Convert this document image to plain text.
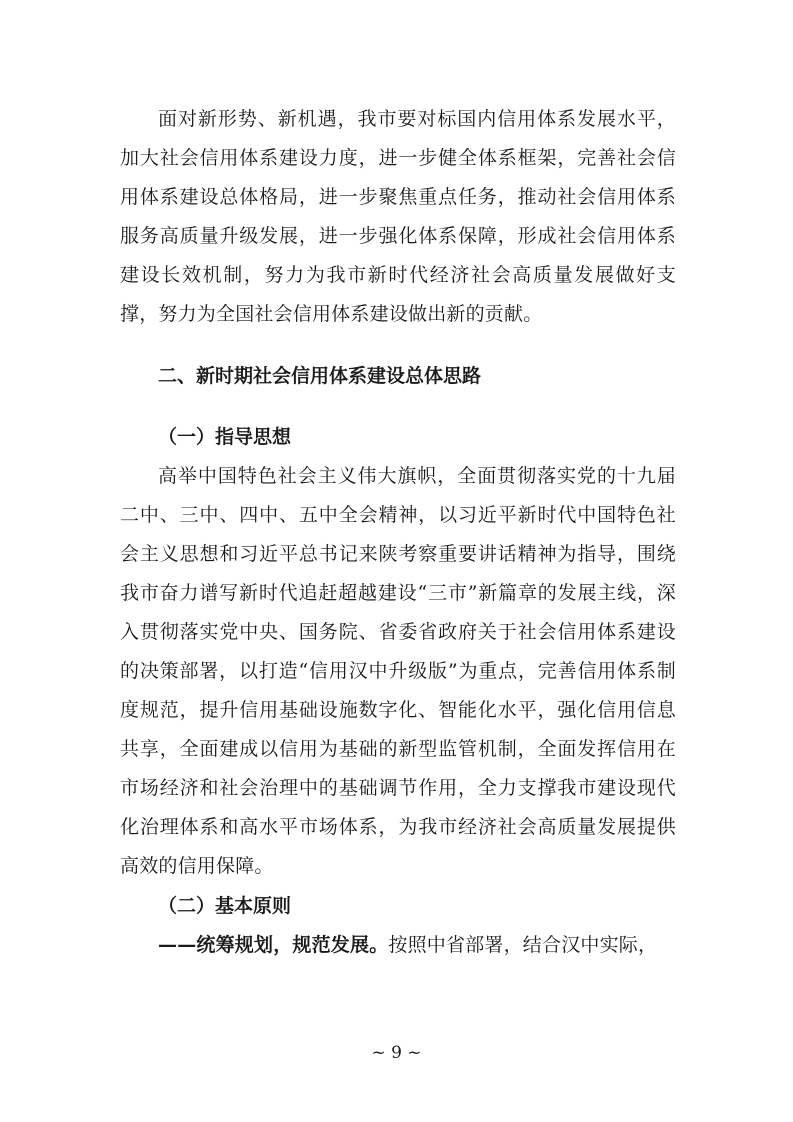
面对新形势、新机遇，我市要对标国内信用体系发展水平，加大社会信用体系建设力度，进一步健全体系框架，完善社会信用体系建设总体格局，进一步聚焦重点任务，推动社会信用体系服务高质量升级发展，进一步强化体系保障，形成社会信用体系建设长效机制，努力为我市新时代经济社会高质量发展做好支撑，努力为全国社会信用体系建设做出新的贡献。

二、新时期社会信用体系建设总体思路
（一）指导思想

高举中国特色社会主义伟大旗帜，全面贯彻落实党的十九届二中、三中、四中、五中全会精神，以习近平新时代中国特色社会主义思想和习近平总书记来陕考察重要讲话精神为指导，围绕我市奋力谱写新时代追赶超越建设“三市”新篇章的发展主线，深入贯彻落实党中央、国务院、省委省政府关于社会信用体系建设的决策部署，以打造“信用汉中升级版”为重点，完善信用体系制度规范，提升信用基础设施数字化、智能化水平，强化信用信息共享，全面建成以信用为基础的新型监管机制，全面发挥信用在市场经济和社会治理中的基础调节作用，全力支撑我市建设现代化治理体系和高水平市场体系，为我市经济社会高质量发展提供高效的信用保障。

（二）基本原则

——统筹规划，规范发展。按照中省部署，结合汉中实际，

~ 9 ~
